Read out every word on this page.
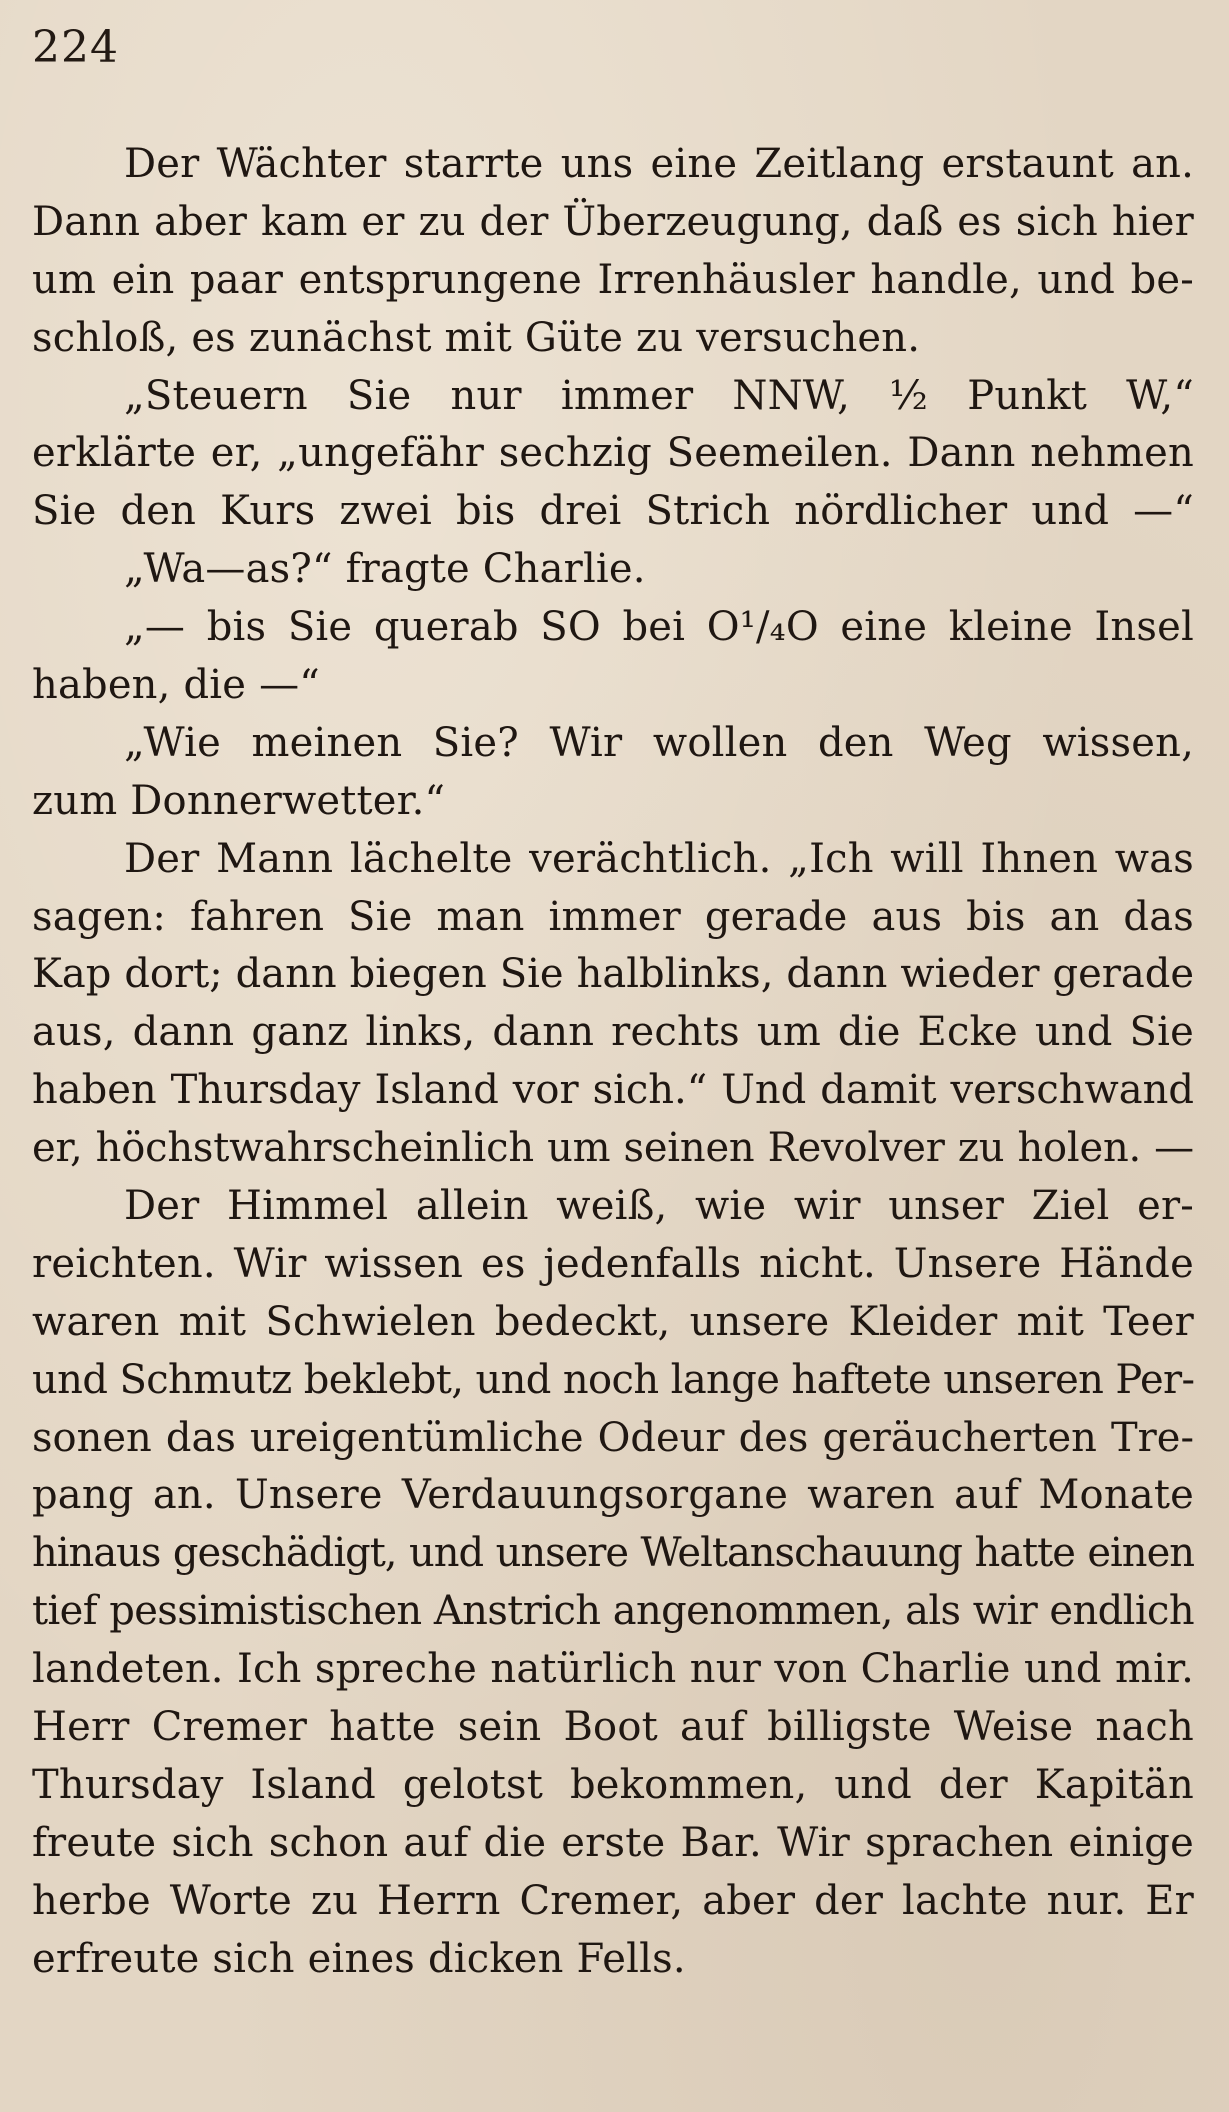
224
Der Wächter starrte uns eine Zeitlang erstaunt an.
Dann aber kam er zu der Überzeugung, daß es sich hier
um ein paar entsprungene Irrenhäusler handle, und be-
schloß, es zunächst mit Güte zu versuchen.
„Steuern Sie nur immer NNW, ½ Punkt W,“
erklärte er, „ungefähr sechzig Seemeilen. Dann nehmen
Sie den Kurs zwei bis drei Strich nördlicher und —“
„Wa—as?“ fragte Charlie.
„— bis Sie querab SO bei O¹/₄O eine kleine Insel
haben, die —“
„Wie meinen Sie? Wir wollen den Weg wissen,
zum Donnerwetter.“
Der Mann lächelte verächtlich. „Ich will Ihnen was
sagen: fahren Sie man immer gerade aus bis an das
Kap dort; dann biegen Sie halblinks, dann wieder gerade
aus, dann ganz links, dann rechts um die Ecke und Sie
haben Thursday Island vor sich.“ Und damit verschwand
er, höchstwahrscheinlich um seinen Revolver zu holen. —
Der Himmel allein weiß, wie wir unser Ziel er-
reichten. Wir wissen es jedenfalls nicht. Unsere Hände
waren mit Schwielen bedeckt, unsere Kleider mit Teer
und Schmutz beklebt, und noch lange haftete unseren Per-
sonen das ureigentümliche Odeur des geräucherten Tre-
pang an. Unsere Verdauungsorgane waren auf Monate
hinaus geschädigt, und unsere Weltanschauung hatte einen
tief pessimistischen Anstrich angenommen, als wir endlich
landeten. Ich spreche natürlich nur von Charlie und mir.
Herr Cremer hatte sein Boot auf billigste Weise nach
Thursday Island gelotst bekommen, und der Kapitän
freute sich schon auf die erste Bar. Wir sprachen einige
herbe Worte zu Herrn Cremer, aber der lachte nur. Er
erfreute sich eines dicken Fells.
